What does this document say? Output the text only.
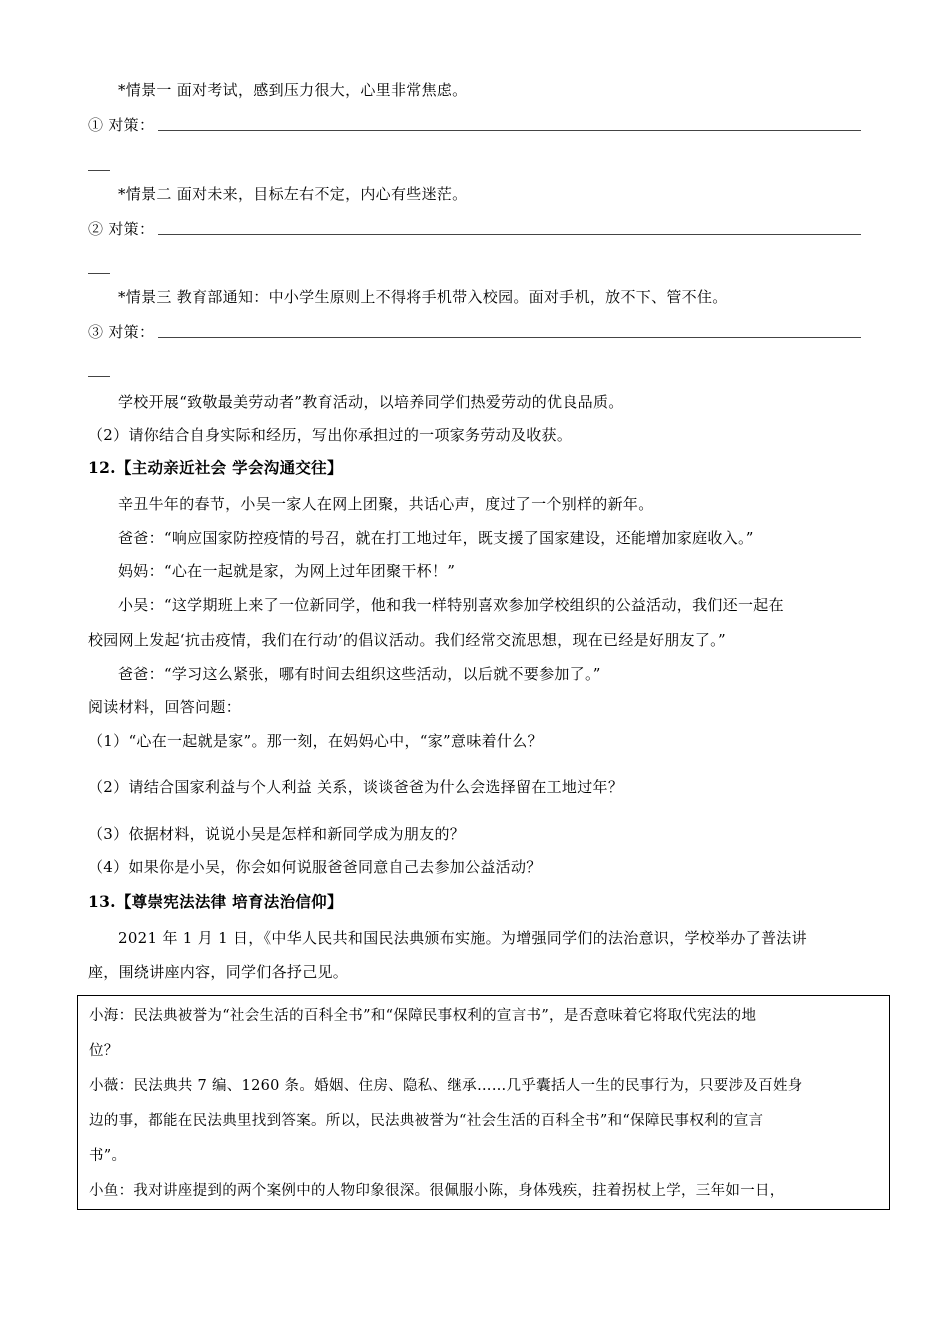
*情景一 面对考试，感到压力很大，心里非常焦虑。
① 对策：
*情景二 面对未来，目标左右不定，内心有些迷茫。
② 对策：
*情景三 教育部通知：中小学生原则上不得将手机带入校园。面对手机，放不下、管不住。
③ 对策：
学校开展“致敬最美劳动者”教育活动，以培养同学们热爱劳动的优良品质。
（2）请你结合自身实际和经历，写出你承担过的一项家务劳动及收获。
12.【主动亲近社会 学会沟通交往】
辛丑牛年的春节，小吴一家人在网上团聚，共话心声，度过了一个别样的新年。
爸爸：“响应国家防控疫情的号召，就在打工地过年，既支援了国家建设，还能增加家庭收入。”
妈妈：“心在一起就是家，为网上过年团聚干杯！”
小吴：“这学期班上来了一位新同学，他和我一样特别喜欢参加学校组织的公益活动，我们还一起在
校园网上发起‘抗击疫情，我们在行动’的倡议活动。我们经常交流思想，现在已经是好朋友了。”
爸爸：“学习这么紧张，哪有时间去组织这些活动，以后就不要参加了。”
阅读材料，回答问题：
（1）“心在一起就是家”。那一刻，在妈妈心中，“家”意味着什么？
（2）请结合国家利益与个人利益 关系，谈谈爸爸为什么会选择留在工地过年？
（3）依据材料，说说小吴是怎样和新同学成为朋友的？
（4）如果你是小吴，你会如何说服爸爸同意自己去参加公益活动？
13.【尊崇宪法法律 培育法治信仰】
2021 年 1 月 1 日，《中华人民共和国民法典颁布实施。为增强同学们的法治意识，学校举办了普法讲
座，围绕讲座内容，同学们各抒己见。
小海：民法典被誉为“社会生活的百科全书”和“保障民事权利的宣言书”，是否意味着它将取代宪法的地
位？
小薇：民法典共 7 编、1260 条。婚姻、住房、隐私、继承……几乎囊括人一生的民事行为，只要涉及百姓身
边的事，都能在民法典里找到答案。所以，民法典被誉为“社会生活的百科全书”和“保障民事权利的宣言
书”。
小鱼：我对讲座提到的两个案例中的人物印象很深。很佩服小陈，身体残疾，拄着拐杖上学，三年如一日，
